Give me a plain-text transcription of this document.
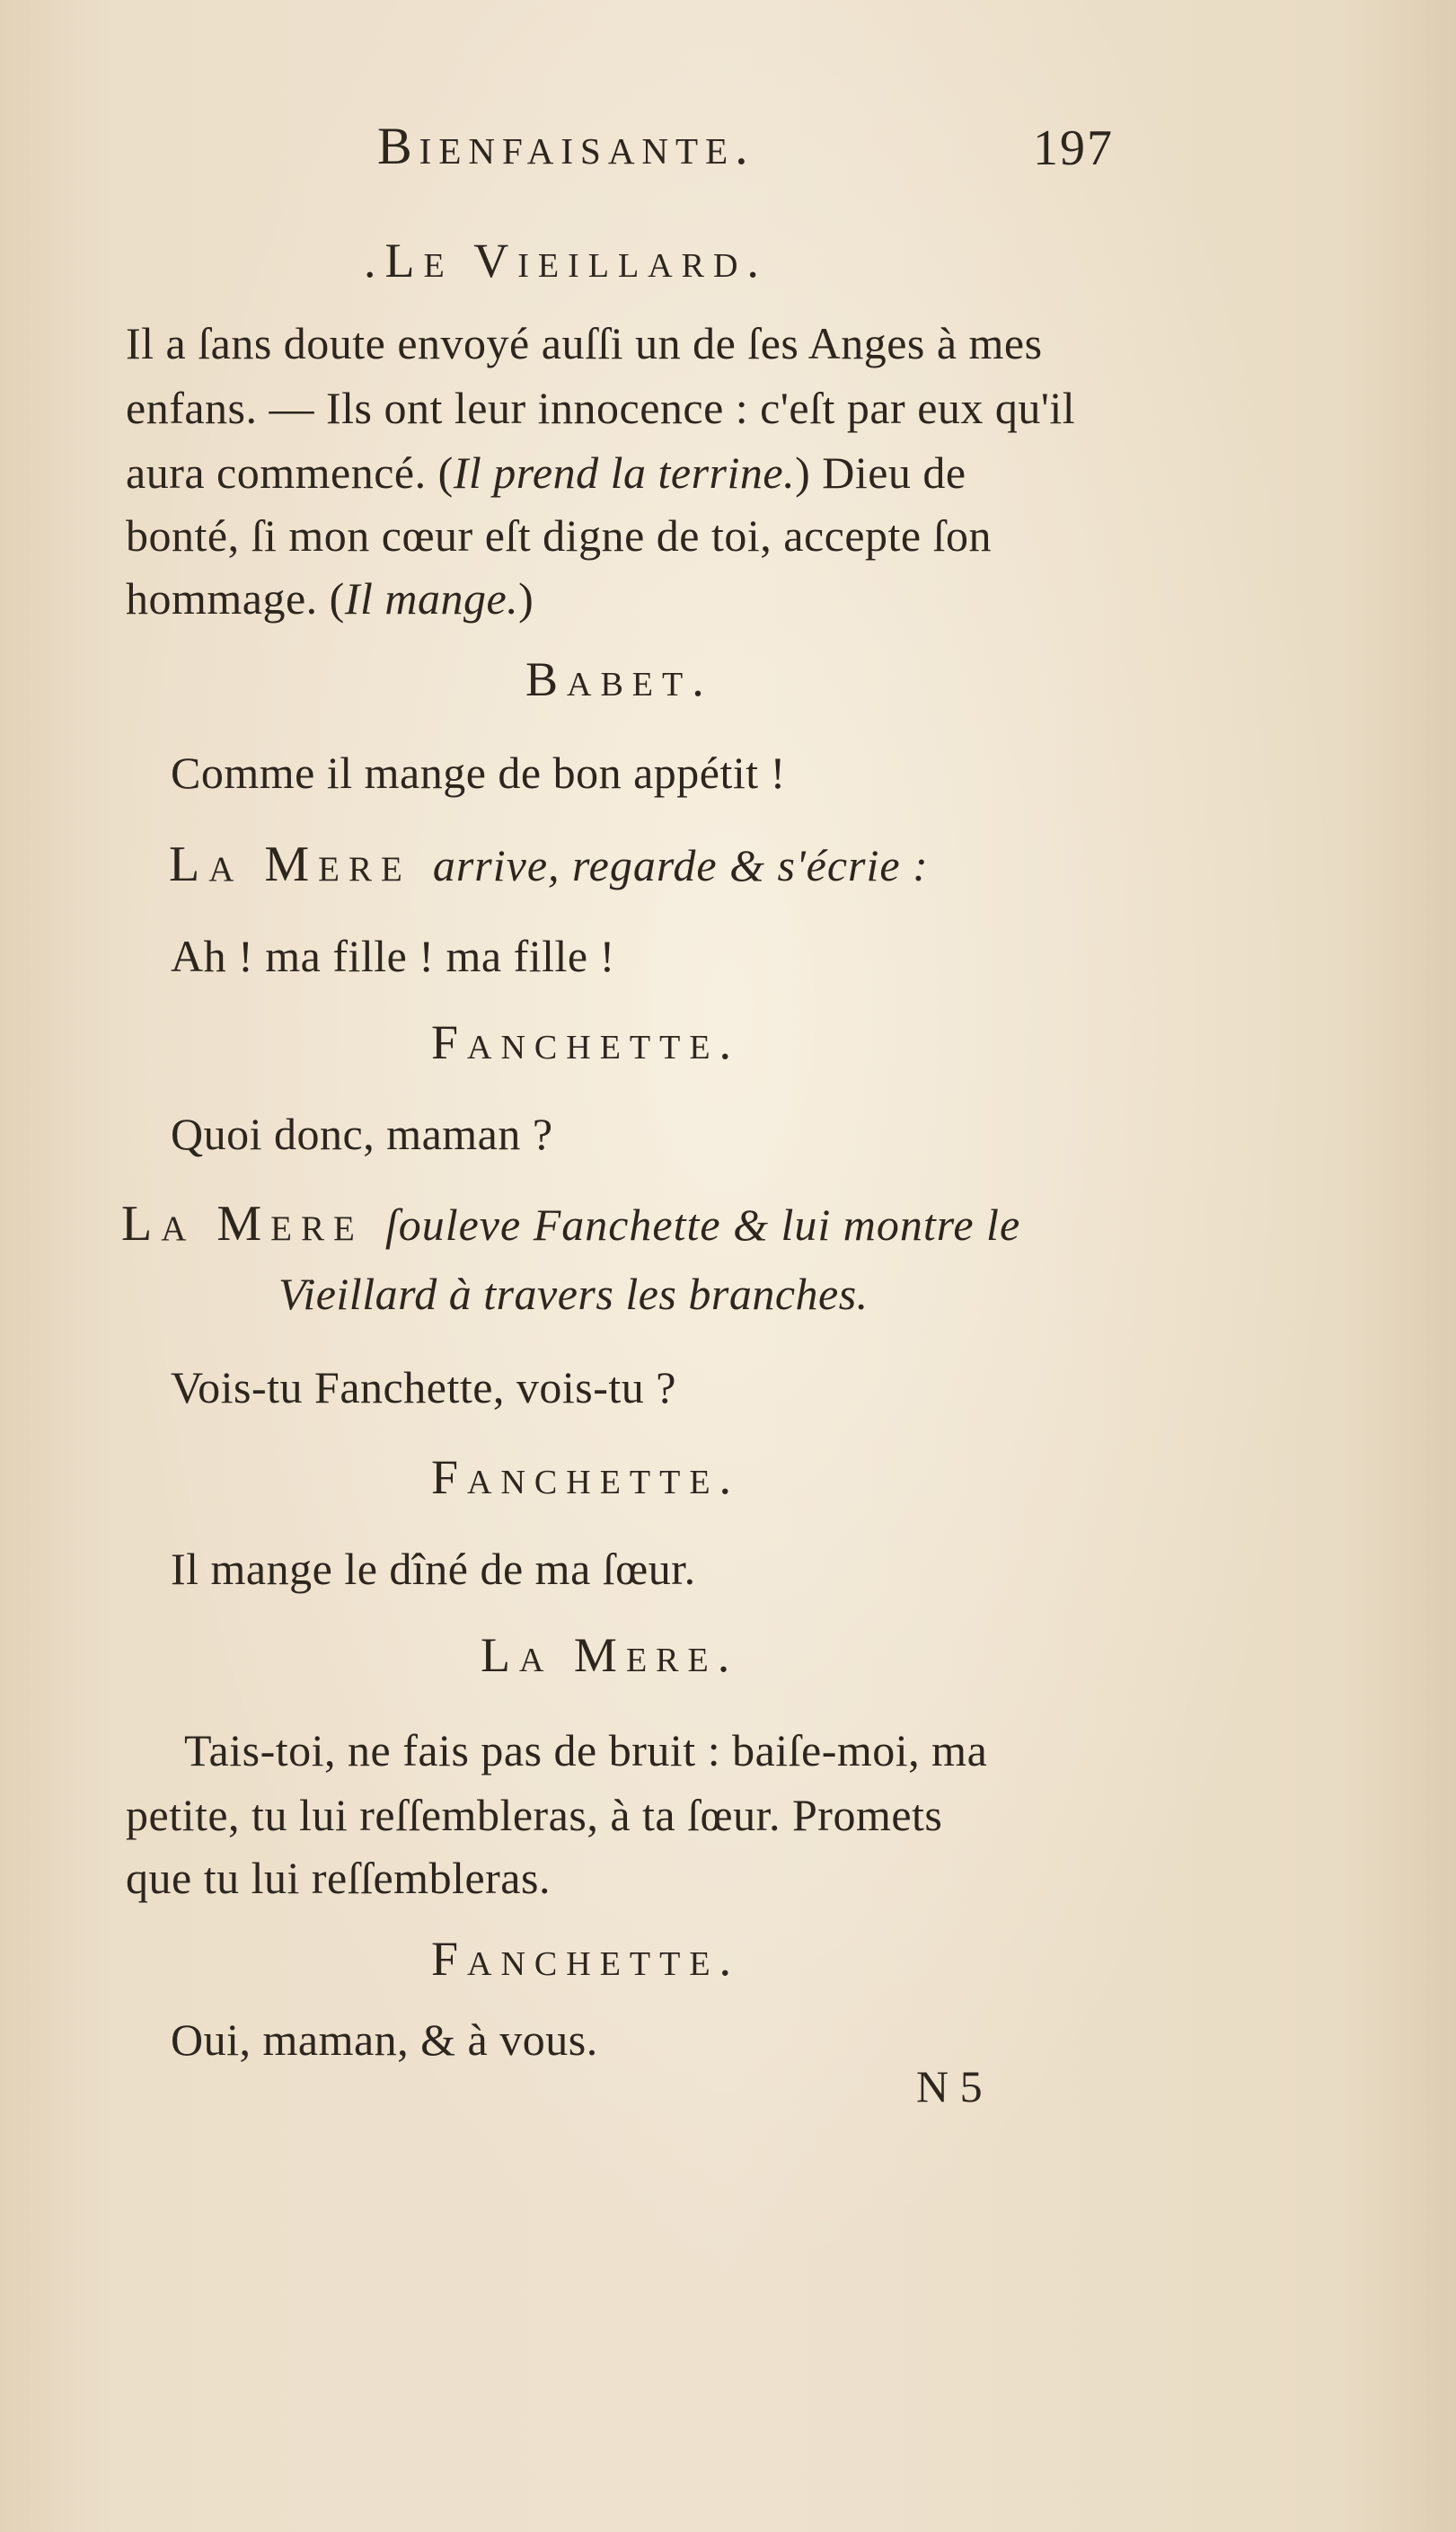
Bienfaisante.	197
.Le Vieillard.
Il a ſans doute envoyé auſſi un de ſes Anges à mes
enfans. — Ils ont leur innocence : c'eſt par eux qu'il
aura commencé. (Il prend la terrine.) Dieu de
bonté, ſi mon cœur eſt digne de toi, accepte ſon
hommage. (Il mange.)
Babet.
Comme il mange de bon appétit !
La Mere arrive, regarde & s'écrie :
Ah ! ma fille ! ma fille !
Fanchette.
Quoi donc, maman ?
La Mere ſouleve Fanchette & lui montre le
Vieillard à travers les branches.
Vois-tu Fanchette, vois-tu ?
Fanchette.
Il mange le dîné de ma ſœur.
La Mere.
Tais-toi, ne fais pas de bruit : baiſe-moi, ma
petite, tu lui reſſembleras, à ta ſœur. Promets
que tu lui reſſembleras.
Fanchette.
Oui, maman, & à vous.
N 5
